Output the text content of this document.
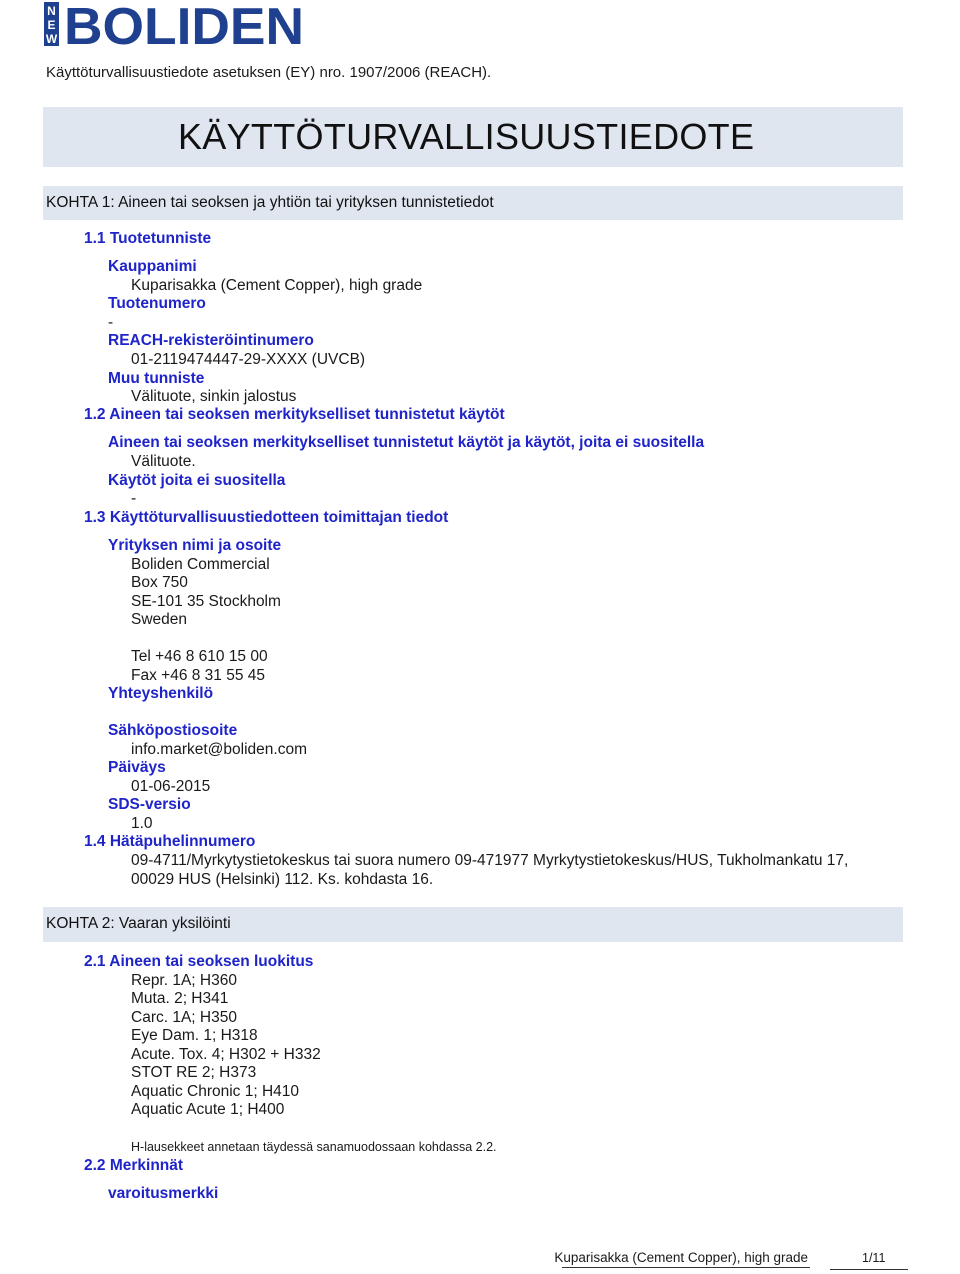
N
E
W BOLIDEN
Käyttöturvallisuustiedote asetuksen (EY) nro. 1907/2006 (REACH).
KÄYTTÖTURVALLISUUSTIEDOTE
KOHTA 1: Aineen tai seoksen ja yhtiön tai yrityksen tunnistetiedot
1.1 Tuotetunniste
Kauppanimi
Kuparisakka (Cement Copper), high grade
Tuotenumero
-
REACH-rekisteröintinumero
01-2119474447-29-XXXX (UVCB)
Muu tunniste
Välituote, sinkin jalostus
1.2 Aineen tai seoksen merkitykselliset tunnistetut käytöt
Aineen tai seoksen merkitykselliset tunnistetut käytöt ja käytöt, joita ei suositella
Välituote.
Käytöt joita ei suositella
-
1.3 Käyttöturvallisuustiedotteen toimittajan tiedot
Yrityksen nimi ja osoite
Boliden Commercial
Box 750
SE-101 35 Stockholm
Sweden
Tel +46 8 610 15 00
Fax +46 8 31 55 45
Yhteyshenkilö
Sähköpostiosoite
info.market@boliden.com
Päiväys
01-06-2015
SDS-versio
1.0
1.4 Hätäpuhelinnumero
09-4711/Myrkytystietokeskus tai suora numero 09-471977 Myrkytystietokeskus/HUS, Tukholmankatu 17,
00029 HUS (Helsinki) 112. Ks. kohdasta 16.
KOHTA 2: Vaaran yksilöinti
2.1 Aineen tai seoksen luokitus
Repr. 1A; H360
Muta. 2; H341
Carc. 1A; H350
Eye Dam. 1; H318
Acute. Tox. 4; H302 + H332
STOT RE 2; H373
Aquatic Chronic 1; H410
Aquatic Acute 1; H400
H-lausekkeet annetaan täydessä sanamuodossaan kohdassa 2.2.
2.2 Merkinnät
varoitusmerkki
Kuparisakka (Cement Copper), high grade	1/11
